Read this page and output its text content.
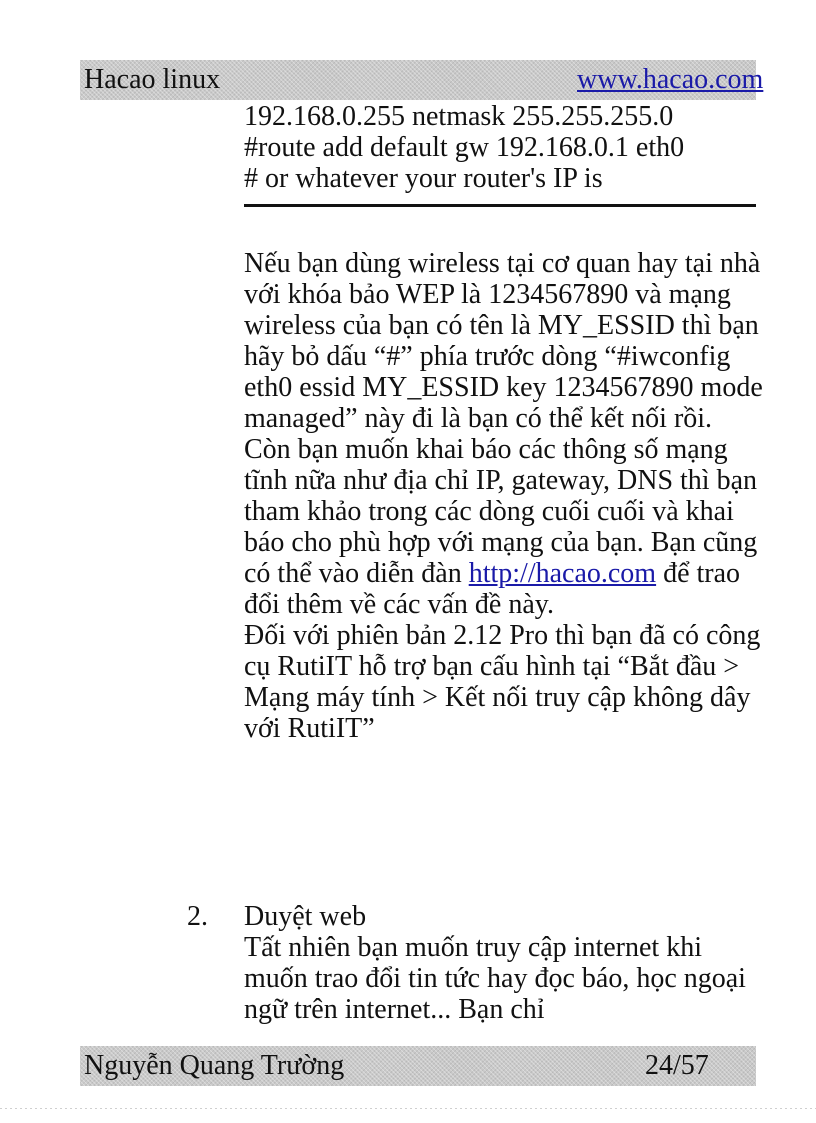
Hacao linux	www.hacao.com
192.168.0.255 netmask 255.255.255.0
#route add default gw 192.168.0.1 eth0
# or whatever your router's IP is

Nếu bạn dùng wireless tại cơ quan hay tại nhà với khóa bảo WEP là 1234567890 và mạng wireless của bạn có tên là MY_ESSID thì bạn hãy bỏ dấu “#” phía trước dòng “#iwconfig eth0 essid MY_ESSID key 1234567890 mode managed” này đi là bạn có thể kết nối rồi. Còn bạn muốn khai báo các thông số mạng tĩnh nữa như địa chỉ IP, gateway, DNS thì bạn tham khảo trong các dòng cuối cuối và khai báo cho phù hợp với mạng của bạn. Bạn cũng có thể vào diễn đàn http://hacao.com để trao đổi thêm về các vấn đề này.

Đối với phiên bản 2.12 Pro thì bạn đã có công cụ RutiIT hỗ trợ bạn cấu hình tại “Bắt đầu > Mạng máy tính > Kết nối truy cập không dây với RutiIT”

2. Duyệt web
Tất nhiên bạn muốn truy cập internet khi muốn trao đổi tin tức hay đọc báo, học ngoại ngữ trên internet... Bạn chỉ
Nguyễn Quang Trường	24/57
